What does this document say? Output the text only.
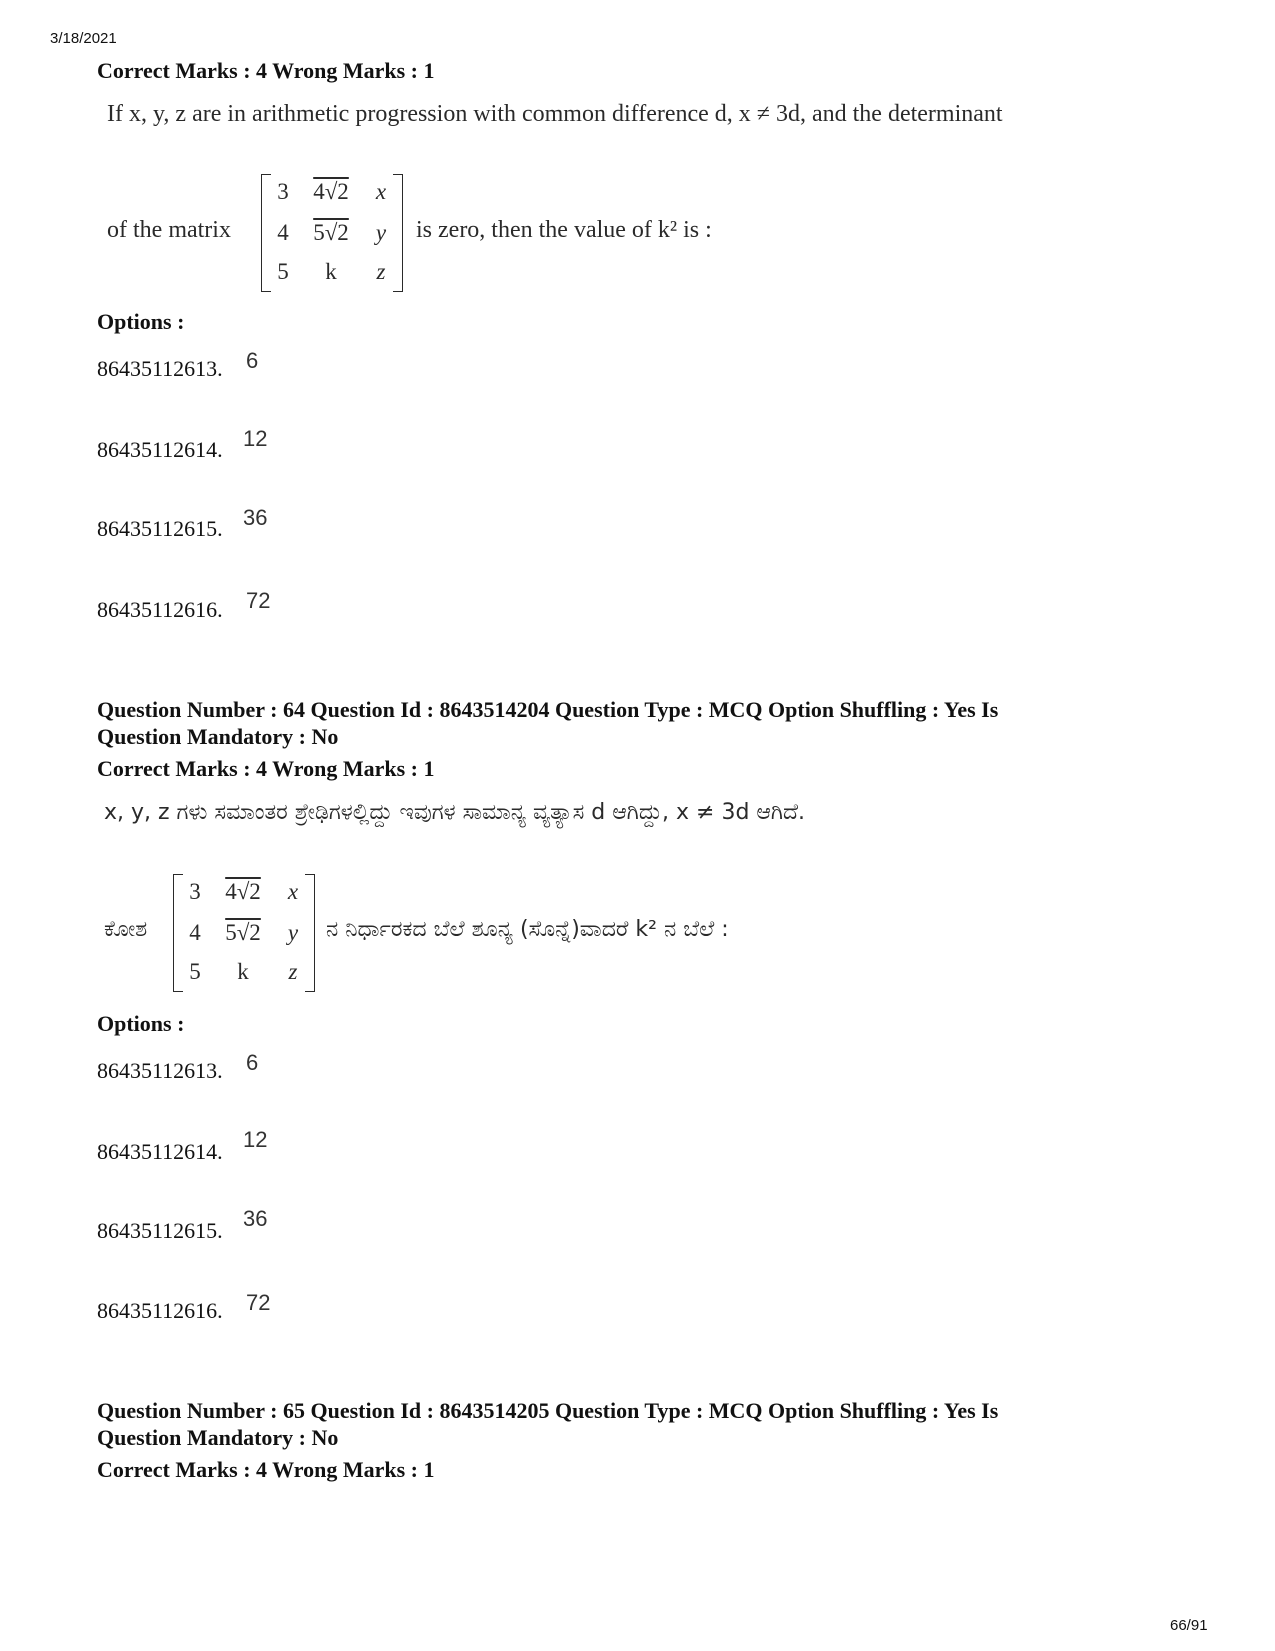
3/18/2021
Correct Marks : 4 Wrong Marks : 1
If x, y, z are in arithmetic progression with common difference d, x ≠ 3d, and the determinant
of the matrix
3	4√2	x
4	5√2	y
5	k	z
is zero, then the value of k² is :
Options :
86435112613. 6
86435112614. 12
86435112615. 36
86435112616. 72
Question Number : 64 Question Id : 8643514204 Question Type : MCQ Option Shuffling : Yes Is
Question Mandatory : No
Correct Marks : 4 Wrong Marks : 1
x, y, z ಗಳು ಸಮಾಂತರ ಶ್ರೇಢಿಗಳಲ್ಲಿದ್ದು ಇವುಗಳ ಸಾಮಾನ್ಯ ವ್ಯತ್ಯಾಸ d ಆಗಿದ್ದು, x ≠ 3d ಆಗಿದೆ.
ಕೋಶ
3	4√2	x
4	5√2	y
5	k	z
ನ ನಿರ್ಧಾರಕದ ಬೆಲೆ ಶೂನ್ಯ (ಸೊನ್ನೆ)ವಾದರೆ k² ನ ಬೆಲೆ :
Options :
86435112613. 6
86435112614. 12
86435112615. 36
86435112616. 72
Question Number : 65 Question Id : 8643514205 Question Type : MCQ Option Shuffling : Yes Is
Question Mandatory : No
Correct Marks : 4 Wrong Marks : 1
66/91
